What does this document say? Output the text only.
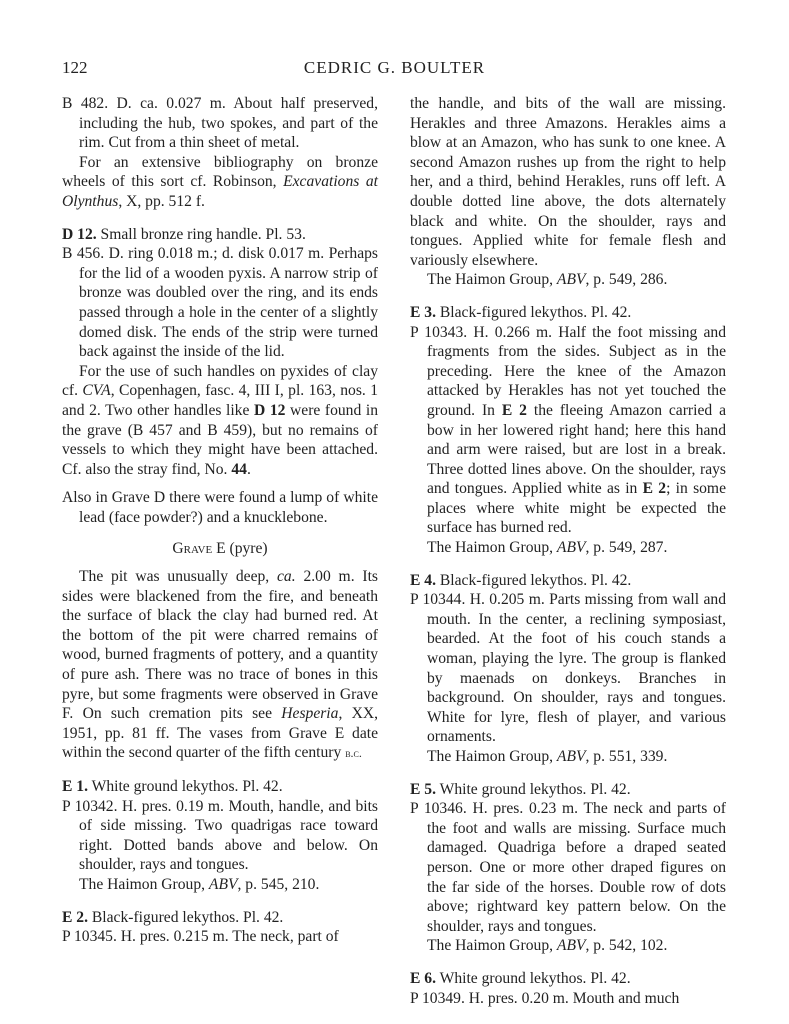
122	CEDRIC G. BOULTER

B 482. D. ca. 0.027 m. About half preserved, including the hub, two spokes, and part of the rim. Cut from a thin sheet of metal.

For an extensive bibliography on bronze wheels of this sort cf. Robinson, Excavations at Olynthus, X, pp. 512 f.

D 12. Small bronze ring handle. Pl. 53.

B 456. D. ring 0.018 m.; d. disk 0.017 m. Perhaps for the lid of a wooden pyxis. A narrow strip of bronze was doubled over the ring, and its ends passed through a hole in the center of a slightly domed disk. The ends of the strip were turned back against the inside of the lid.

For the use of such handles on pyxides of clay cf. CVA, Copenhagen, fasc. 4, III I, pl. 163, nos. 1 and 2. Two other handles like D 12 were found in the grave (B 457 and B 459), but no remains of vessels to which they might have been attached. Cf. also the stray find, No. 44.

Also in Grave D there were found a lump of white lead (face powder?) and a knucklebone.

Grave E (pyre)

The pit was unusually deep, ca. 2.00 m. Its sides were blackened from the fire, and beneath the surface of black the clay had burned red. At the bottom of the pit were charred remains of wood, burned fragments of pottery, and a quantity of pure ash. There was no trace of bones in this pyre, but some fragments were observed in Grave F. On such cremation pits see Hesperia, XX, 1951, pp. 81 ff. The vases from Grave E date within the second quarter of the fifth century b.c.

E 1. White ground lekythos. Pl. 42.

P 10342. H. pres. 0.19 m. Mouth, handle, and bits of side missing. Two quadrigas race toward right. Dotted bands above and below. On shoulder, rays and tongues.

The Haimon Group, ABV, p. 545, 210.

E 2. Black-figured lekythos. Pl. 42.

P 10345. H. pres. 0.215 m. The neck, part of

the handle, and bits of the wall are missing. Herakles and three Amazons. Herakles aims a blow at an Amazon, who has sunk to one knee. A second Amazon rushes up from the right to help her, and a third, behind Herakles, runs off left. A double dotted line above, the dots alternately black and white. On the shoulder, rays and tongues. Applied white for female flesh and variously elsewhere.

The Haimon Group, ABV, p. 549, 286.

E 3. Black-figured lekythos. Pl. 42.

P 10343. H. 0.266 m. Half the foot missing and fragments from the sides. Subject as in the preceding. Here the knee of the Amazon attacked by Herakles has not yet touched the ground. In E 2 the fleeing Amazon carried a bow in her lowered right hand; here this hand and arm were raised, but are lost in a break. Three dotted lines above. On the shoulder, rays and tongues. Applied white as in E 2; in some places where white might be expected the surface has burned red.

The Haimon Group, ABV, p. 549, 287.

E 4. Black-figured lekythos. Pl. 42.

P 10344. H. 0.205 m. Parts missing from wall and mouth. In the center, a reclining symposiast, bearded. At the foot of his couch stands a woman, playing the lyre. The group is flanked by maenads on donkeys. Branches in background. On shoulder, rays and tongues. White for lyre, flesh of player, and various ornaments.

The Haimon Group, ABV, p. 551, 339.

E 5. White ground lekythos. Pl. 42.

P 10346. H. pres. 0.23 m. The neck and parts of the foot and walls are missing. Surface much damaged. Quadriga before a draped seated person. One or more other draped figures on the far side of the horses. Double row of dots above; rightward key pattern below. On the shoulder, rays and tongues.

The Haimon Group, ABV, p. 542, 102.

E 6. White ground lekythos. Pl. 42.

P 10349. H. pres. 0.20 m. Mouth and much
